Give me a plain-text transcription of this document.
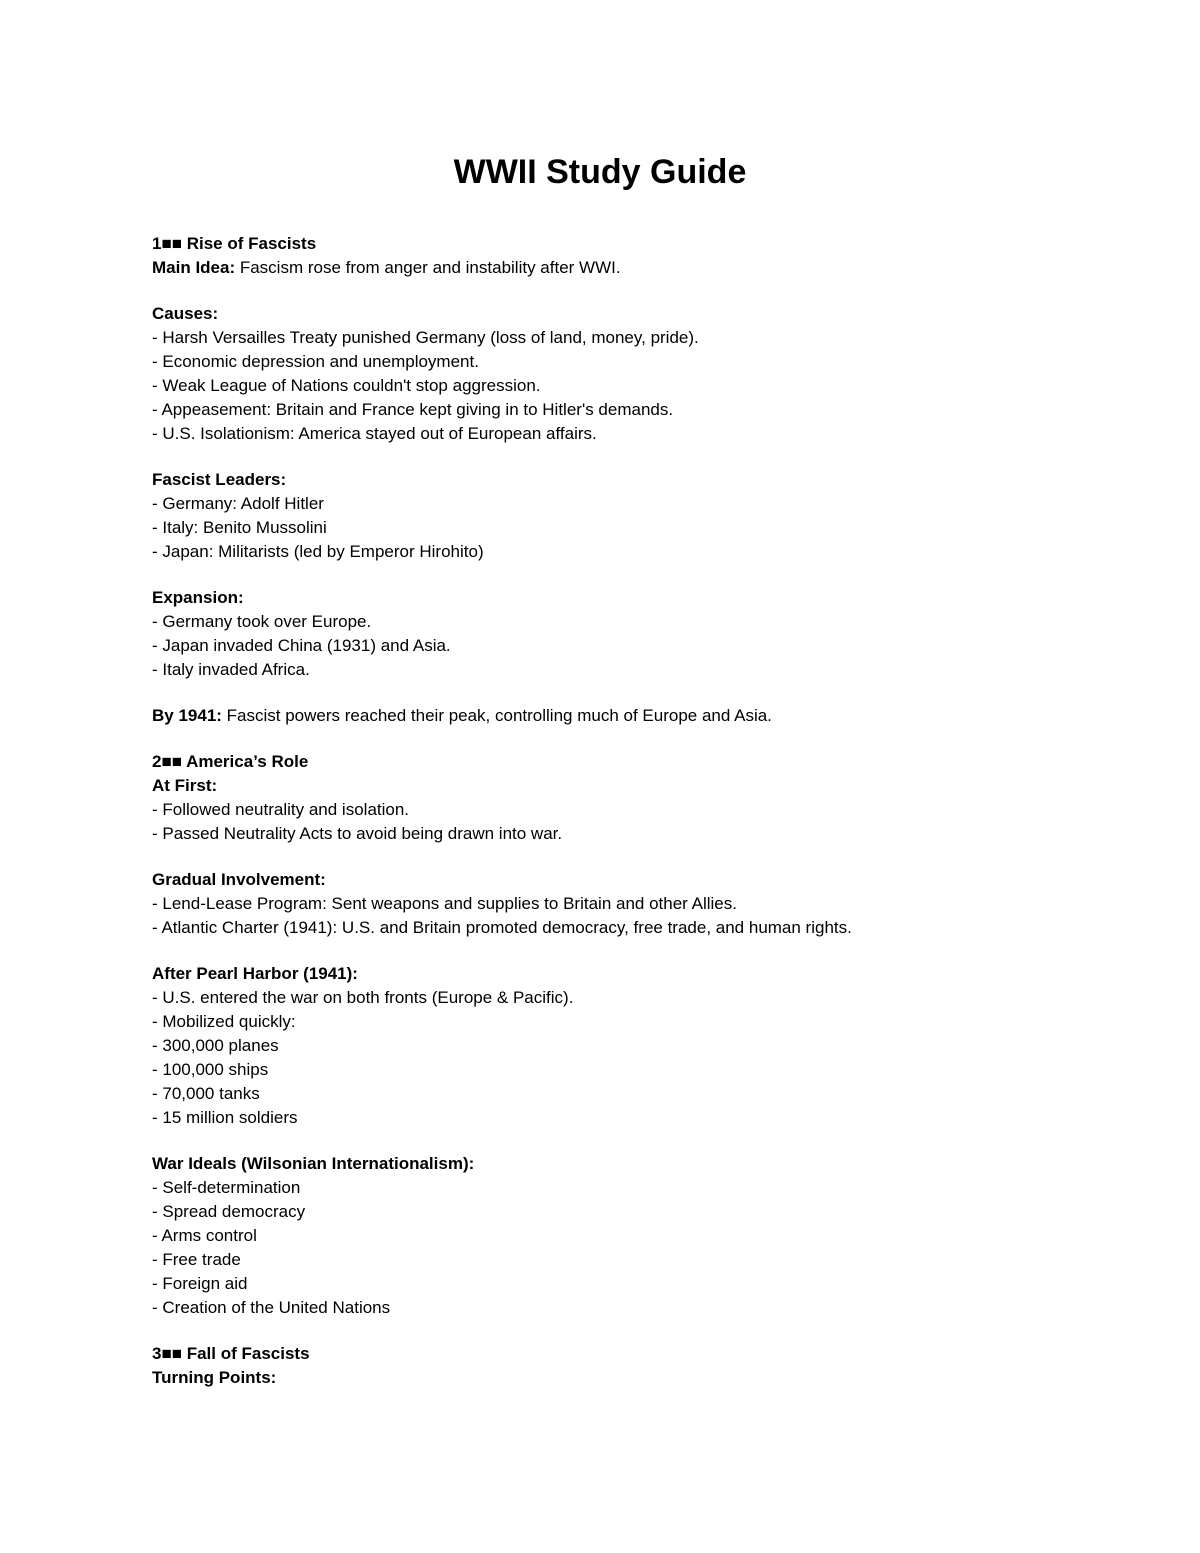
WWII Study Guide
1■■ Rise of Fascists
Main Idea: Fascism rose from anger and instability after WWI.
Causes:
- Harsh Versailles Treaty punished Germany (loss of land, money, pride).
- Economic depression and unemployment.
- Weak League of Nations couldn't stop aggression.
- Appeasement: Britain and France kept giving in to Hitler's demands.
- U.S. Isolationism: America stayed out of European affairs.
Fascist Leaders:
- Germany: Adolf Hitler
- Italy: Benito Mussolini
- Japan: Militarists (led by Emperor Hirohito)
Expansion:
- Germany took over Europe.
- Japan invaded China (1931) and Asia.
- Italy invaded Africa.
By 1941: Fascist powers reached their peak, controlling much of Europe and Asia.
2■■ America’s Role
At First:
- Followed neutrality and isolation.
- Passed Neutrality Acts to avoid being drawn into war.
Gradual Involvement:
- Lend-Lease Program: Sent weapons and supplies to Britain and other Allies.
- Atlantic Charter (1941): U.S. and Britain promoted democracy, free trade, and human rights.
After Pearl Harbor (1941):
- U.S. entered the war on both fronts (Europe & Pacific).
- Mobilized quickly:
- 300,000 planes
- 100,000 ships
- 70,000 tanks
- 15 million soldiers
War Ideals (Wilsonian Internationalism):
- Self-determination
- Spread democracy
- Arms control
- Free trade
- Foreign aid
- Creation of the United Nations
3■■ Fall of Fascists
Turning Points:
